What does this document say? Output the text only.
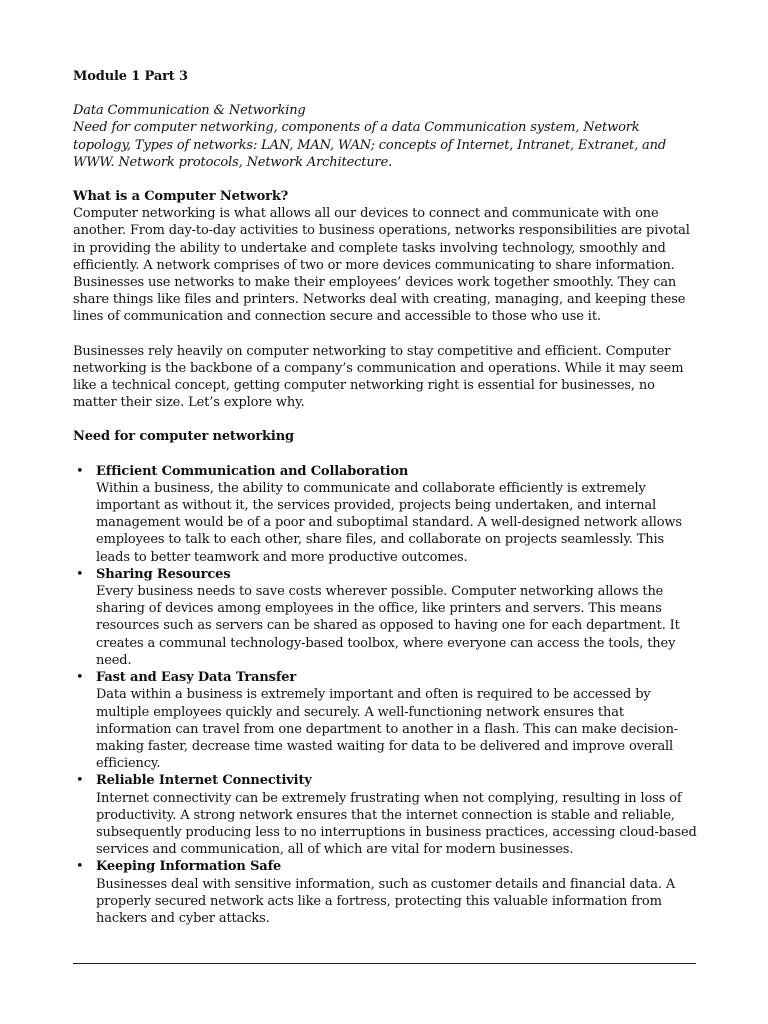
Module 1 Part 3

Data Communication & Networking

Need for computer networking, components of a data Communication system, Network topology, Types of networks: LAN, MAN, WAN; concepts of Internet, Intranet, Extranet, and WWW. Network protocols, Network Architecture.

What is a Computer Network?

Computer networking is what allows all our devices to connect and communicate with one another. From day-to-day activities to business operations, networks responsibilities are pivotal in providing the ability to undertake and complete tasks involving technology, smoothly and efficiently. A network comprises of two or more devices communicating to share information. Businesses use networks to make their employees’ devices work together smoothly. They can share things like files and printers. Networks deal with creating, managing, and keeping these lines of communication and connection secure and accessible to those who use it.

Businesses rely heavily on computer networking to stay competitive and efficient. Computer networking is the backbone of a company’s communication and operations. While it may seem like a technical concept, getting computer networking right is essential for businesses, no matter their size. Let’s explore why.

Need for computer networking

• Efficient Communication and Collaboration
Within a business, the ability to communicate and collaborate efficiently is extremely important as without it, the services provided, projects being undertaken, and internal management would be of a poor and suboptimal standard. A well-designed network allows employees to talk to each other, share files, and collaborate on projects seamlessly. This leads to better teamwork and more productive outcomes.
• Sharing Resources
Every business needs to save costs wherever possible. Computer networking allows the sharing of devices among employees in the office, like printers and servers. This means resources such as servers can be shared as opposed to having one for each department. It creates a communal technology-based toolbox, where everyone can access the tools, they need.
• Fast and Easy Data Transfer
Data within a business is extremely important and often is required to be accessed by multiple employees quickly and securely. A well-functioning network ensures that information can travel from one department to another in a flash. This can make decision-making faster, decrease time wasted waiting for data to be delivered and improve overall efficiency.
• Reliable Internet Connectivity
Internet connectivity can be extremely frustrating when not complying, resulting in loss of productivity. A strong network ensures that the internet connection is stable and reliable, subsequently producing less to no interruptions in business practices, accessing cloud-based services and communication, all of which are vital for modern businesses.
• Keeping Information Safe
Businesses deal with sensitive information, such as customer details and financial data. A properly secured network acts like a fortress, protecting this valuable information from hackers and cyber attacks.
